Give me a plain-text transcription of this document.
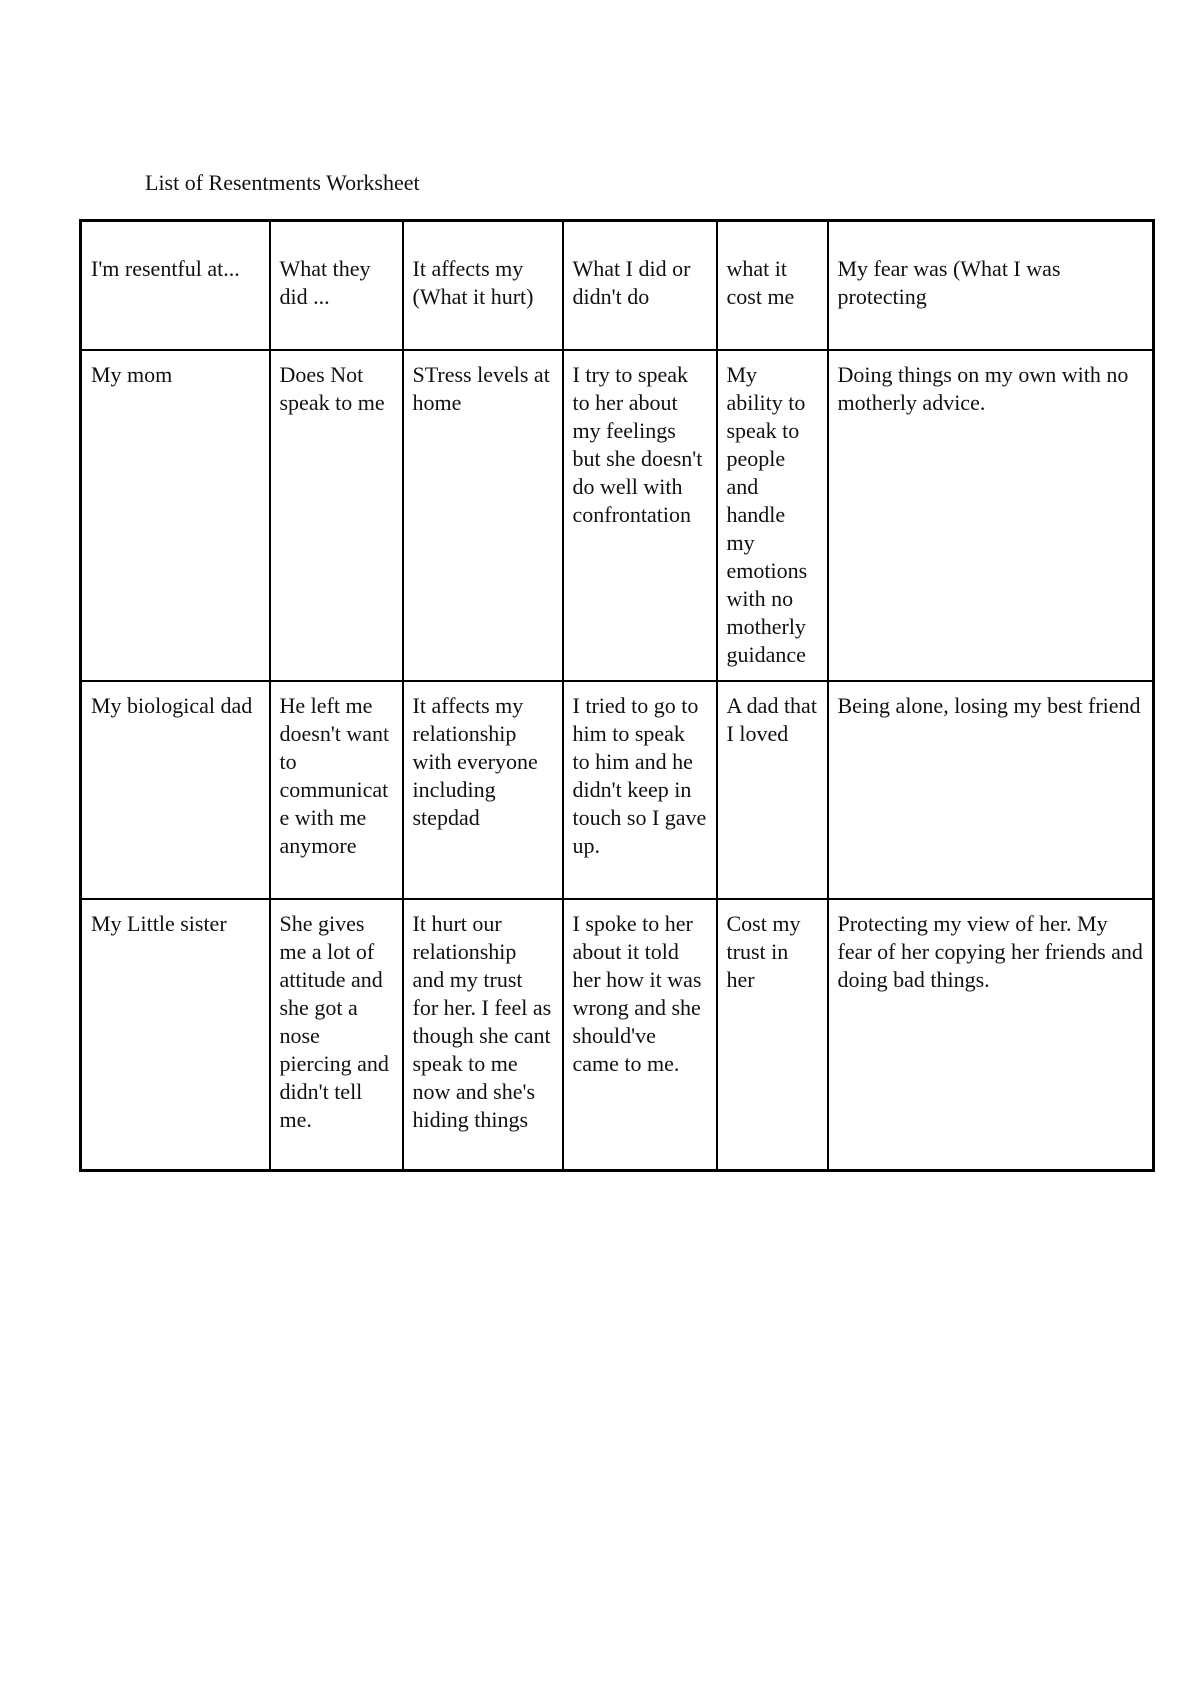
List of Resentments Worksheet
I'm resentful at...	What they did ...	It affects my (What it hurt)	What I did or didn't do	what it cost me	My fear was (What I was protecting
My mom	Does Not speak to me	STress levels at home	I try to speak to her about my feelings but she doesn't do well with confrontation	My ability to speak to people and handle my emotions with no motherly guidance	Doing things on my own with no motherly advice.
My biological dad	He left me doesn't want to communicate with me anymore	It affects my relationship with everyone including stepdad	I tried to go to him to speak to him and he didn't keep in touch so I gave up.	A dad that I loved	Being alone, losing my best friend
My Little sister	She gives me a lot of attitude and she got a nose piercing and didn't tell me.	It hurt our relationship and my trust for her. I feel as though she cant speak to me now and she's hiding things	I spoke to her about it told her how it was wrong and she should've came to me.	Cost my trust in her	Protecting my view of her. My fear of her copying her friends and doing bad things.
